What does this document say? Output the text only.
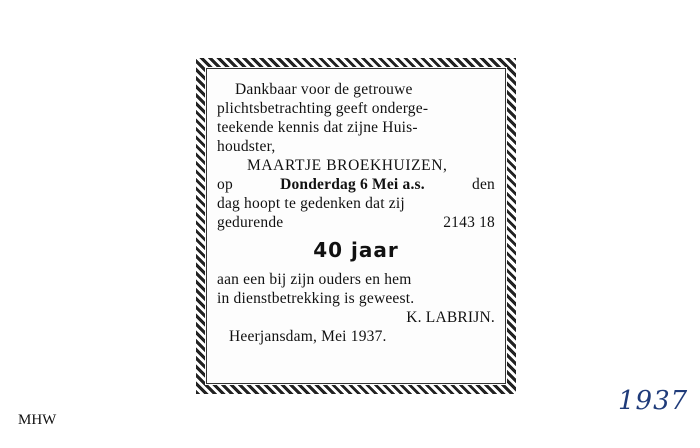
Dankbaar voor de getrouwe
plichtsbetrachting geeft onderge-
teekende kennis dat zijne Huis-
houdster,
MAARTJE BROEKHUIZEN,
op	Donderdag 6 Mei a.s.	den
dag hoopt te gedenken dat zij
gedurende	2143 18
40 jaar
aan een bij zijn ouders en hem
in dienstbetrekking is geweest.
K. LABRIJN.
Heerjansdam, Mei 1937.
MHW
1937
